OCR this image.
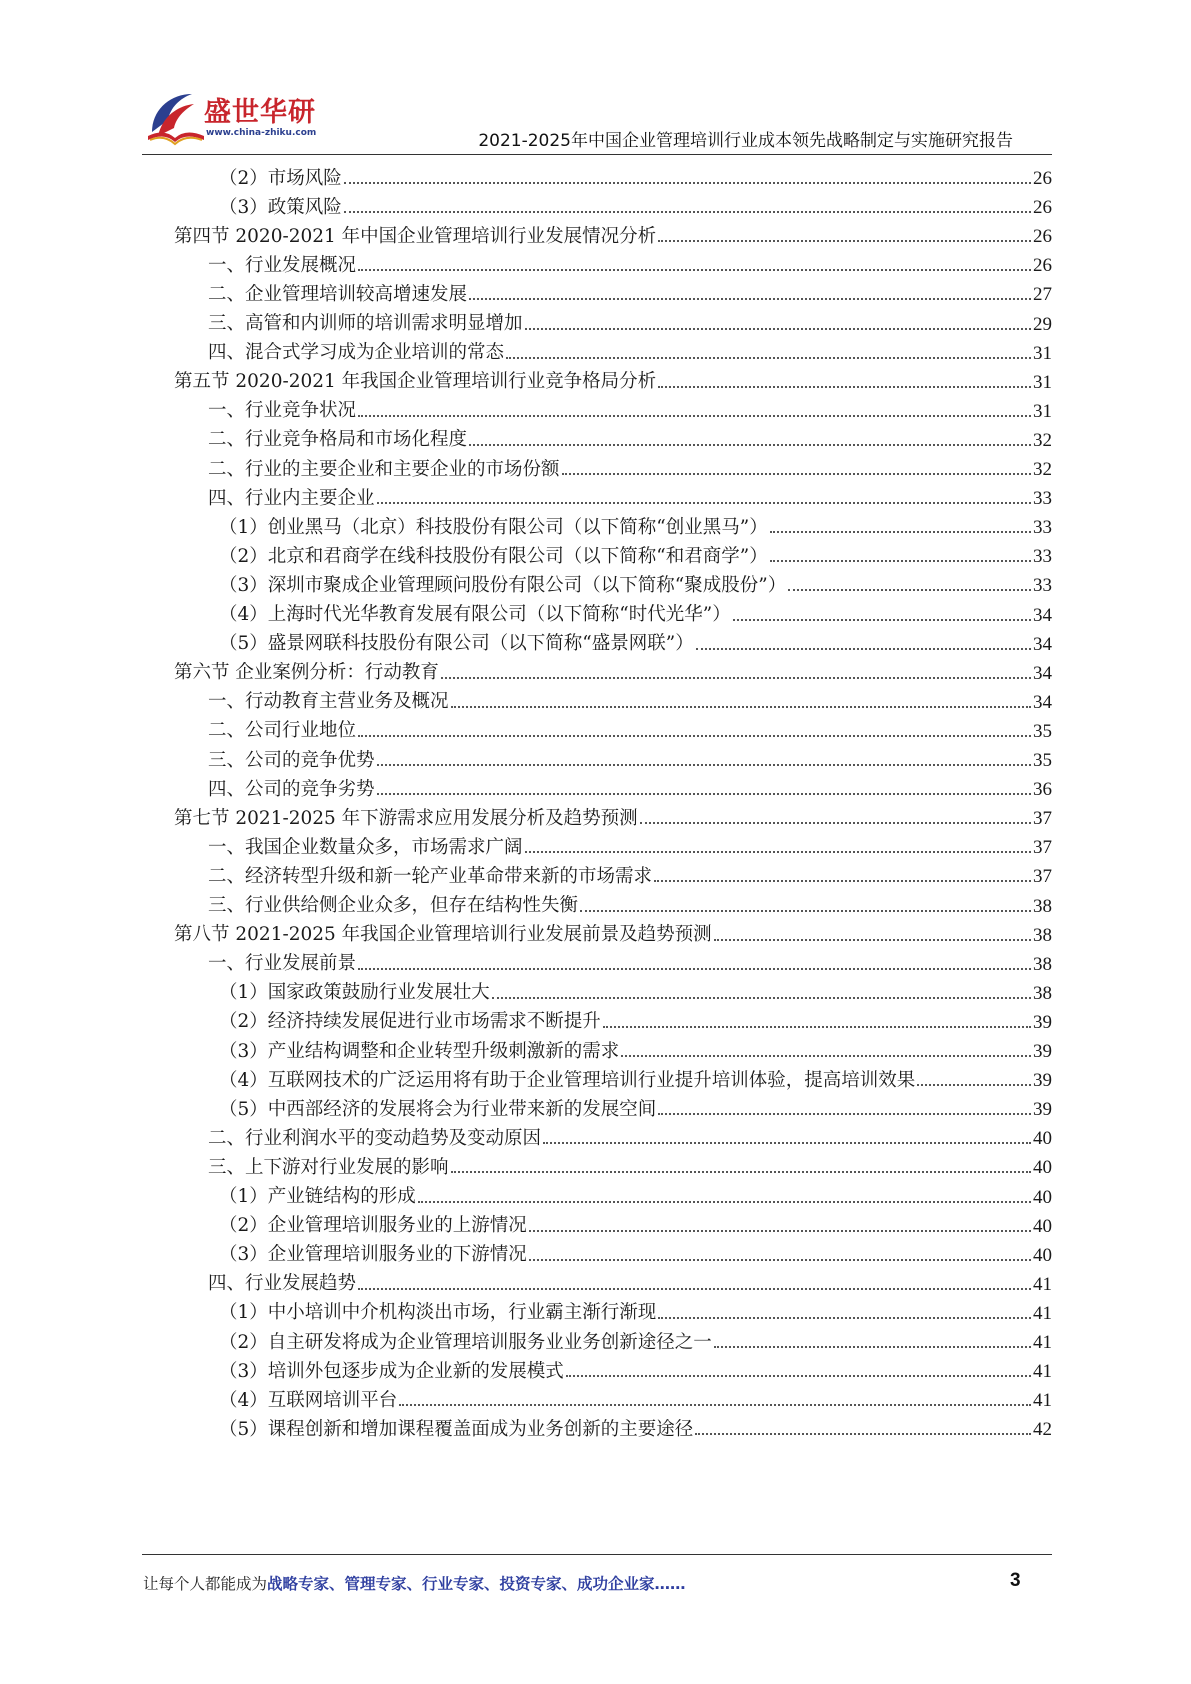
盛世华研
www.china-zhiku.com	2021-2025年中国企业管理培训行业成本领先战略制定与实施研究报告
（2）市场风险	26
（3）政策风险	26
第四节 2020-2021 年中国企业管理培训行业发展情况分析	26
一、行业发展概况	26
二、企业管理培训较高增速发展	27
三、高管和内训师的培训需求明显增加	29
四、混合式学习成为企业培训的常态	31
第五节 2020-2021 年我国企业管理培训行业竞争格局分析	31
一、行业竞争状况	31
二、行业竞争格局和市场化程度	32
二、行业的主要企业和主要企业的市场份额	32
四、行业内主要企业	33
（1）创业黑马（北京）科技股份有限公司（以下简称“创业黑马”）	33
（2）北京和君商学在线科技股份有限公司（以下简称“和君商学”）	33
（3）深圳市聚成企业管理顾问股份有限公司（以下简称“聚成股份”）	33
（4）上海时代光华教育发展有限公司（以下简称“时代光华”）	34
（5）盛景网联科技股份有限公司（以下简称“盛景网联”）	34
第六节 企业案例分析：行动教育	34
一、行动教育主营业务及概况	34
二、公司行业地位	35
三、公司的竞争优势	35
四、公司的竞争劣势	36
第七节 2021-2025 年下游需求应用发展分析及趋势预测	37
一、我国企业数量众多，市场需求广阔	37
二、经济转型升级和新一轮产业革命带来新的市场需求	37
三、行业供给侧企业众多，但存在结构性失衡	38
第八节 2021-2025 年我国企业管理培训行业发展前景及趋势预测	38
一、行业发展前景	38
（1）国家政策鼓励行业发展壮大	38
（2）经济持续发展促进行业市场需求不断提升	39
（3）产业结构调整和企业转型升级刺激新的需求	39
（4）互联网技术的广泛运用将有助于企业管理培训行业提升培训体验，提高培训效果	39
（5）中西部经济的发展将会为行业带来新的发展空间	39
二、行业利润水平的变动趋势及变动原因	40
三、上下游对行业发展的影响	40
（1）产业链结构的形成	40
（2）企业管理培训服务业的上游情况	40
（3）企业管理培训服务业的下游情况	40
四、行业发展趋势	41
（1）中小培训中介机构淡出市场，行业霸主渐行渐现	41
（2）自主研发将成为企业管理培训服务业业务创新途径之一	41
（3）培训外包逐步成为企业新的发展模式	41
（4）互联网培训平台	41
（5）课程创新和增加课程覆盖面成为业务创新的主要途径	42
让每个人都能成为战略专家、管理专家、行业专家、投资专家、成功企业家……	3
